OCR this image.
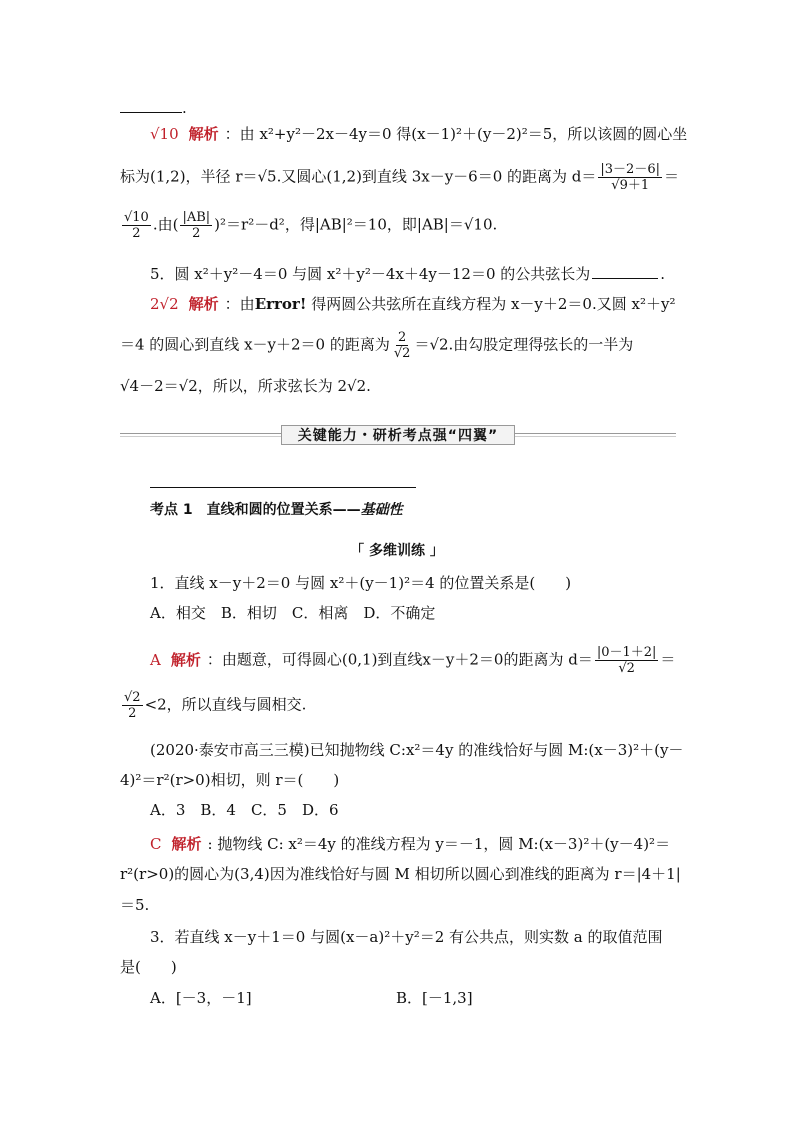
.
√10 解析 ：由 x²+y²－2x－4y＝0 得(x－1)²＋(y－2)²＝5，所以该圆的圆心坐
标为(1,2)，半径 r＝√5.又圆心(1,2)到直线 3x－y－6＝0 的距离为 $d= \frac{|3-2-6|}{√9+1}$ ＝
$\frac{√10}{2}$ .由( $\frac{|AB|}{2} )^2=r^2-d^2$，得|AB|²＝10，即|AB|＝√10.
5．圆 x²＋y²－4＝0 与圆 x²＋y²－4x＋4y－12＝0 的公共弦长为	.
2√2 解析 ：由Error! 得两圆公共弦所在直线方程为 x－y＋2＝0.又圆 x²＋y²
＝4 的圆心到直线 x－y＋2＝0 的距离为 $\frac{2}{√2} =√2$.由勾股定理得弦长的一半为
√4－2＝√2，所以，所求弦长为 2√2.
关键能力・研析考点强“四翼”
考点 1　直线和圆的位置关系——基础性
「 多维训练 」
1．直线 x－y＋2＝0 与圆 x²＋(y－1)²＝4 的位置关系是(　　)
A．相交　B．相切　C．相离　D．不确定
A 解析 ：由题意，可得圆心(0,1)到直线x－y＋2＝0的距离为 $d= \frac{|0-1+2|}{√2}$ ＝
$\frac{√2}{2} <2$，所以直线与圆相交.
(2020·泰安市高三三模)已知抛物线 C:x²＝4y 的准线恰好与圆 M:(x－3)²＋(y－
4)²＝r²(r>0)相切，则 r＝(　　)
A．3　B．4　C．5　D．6
C 解析 : 抛物线 C: x²＝4y 的准线方程为 y＝－1，圆 M:(x－3)²＋(y－4)²＝
r²(r>0)的圆心为(3,4)因为准线恰好与圆 M 相切所以圆心到准线的距离为 r＝|4＋1|
＝5.
3．若直线 x－y＋1＝0 与圆(x－a)²＋y²＝2 有公共点，则实数 a 的取值范围
是(　　)
A．[－3，－1]	B．[－1,3]
